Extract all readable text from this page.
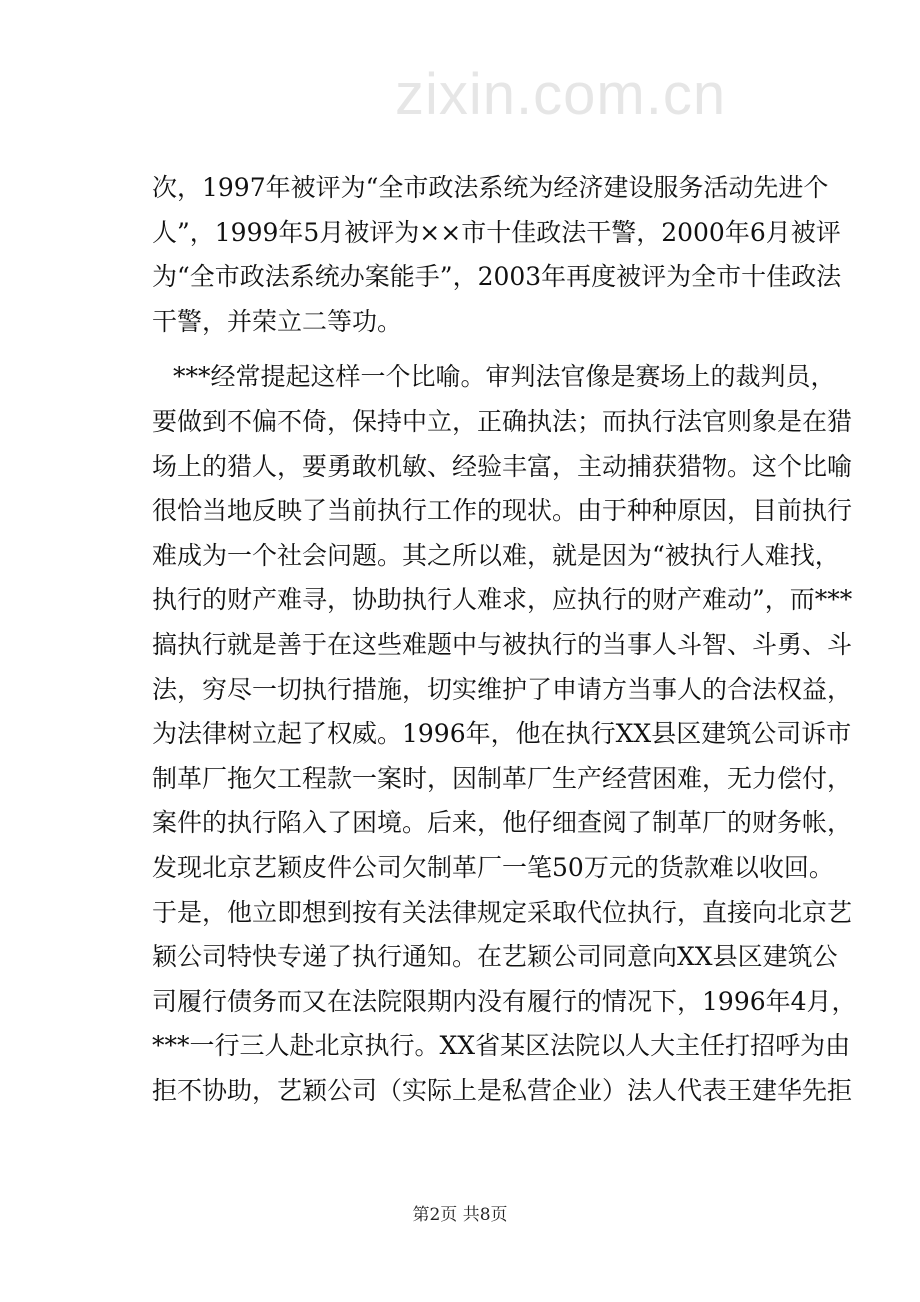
zixin.com.cn
次，1997年被评为“全市政法系统为经济建设服务活动先进个
人”，1999年5月被评为××市十佳政法干警，2000年6月被评
为“全市政法系统办案能手”，2003年再度被评为全市十佳政法
干警，并荣立二等功。
***经常提起这样一个比喻。审判法官像是赛场上的裁判员，
要做到不偏不倚，保持中立，正确执法；而执行法官则象是在猎
场上的猎人，要勇敢机敏、经验丰富，主动捕获猎物。这个比喻
很恰当地反映了当前执行工作的现状。由于种种原因，目前执行
难成为一个社会问题。其之所以难，就是因为“被执行人难找，
执行的财产难寻，协助执行人难求，应执行的财产难动”，而***
搞执行就是善于在这些难题中与被执行的当事人斗智、斗勇、斗
法，穷尽一切执行措施，切实维护了申请方当事人的合法权益，
为法律树立起了权威。1996年，他在执行XX县区建筑公司诉市
制革厂拖欠工程款一案时，因制革厂生产经营困难，无力偿付，
案件的执行陷入了困境。后来，他仔细查阅了制革厂的财务帐，
发现北京艺颖皮件公司欠制革厂一笔50万元的货款难以收回。
于是，他立即想到按有关法律规定采取代位执行，直接向北京艺
颖公司特快专递了执行通知。在艺颖公司同意向XX县区建筑公
司履行债务而又在法院限期内没有履行的情况下，1996年4月，
***一行三人赴北京执行。XX省某区法院以人大主任打招呼为由
拒不协助，艺颖公司（实际上是私营企业）法人代表王建华先拒
第2页 共8页
